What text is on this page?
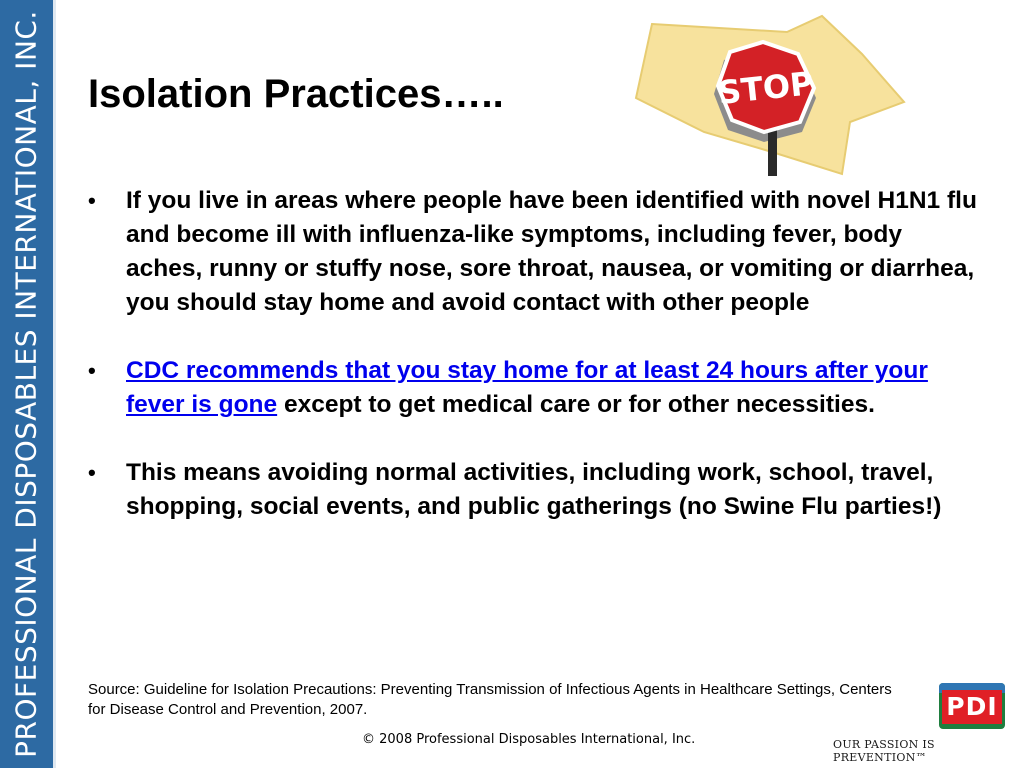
PROFESSIONAL DISPOSABLES INTERNATIONAL, INC. Isolation Practices…..	STOP
• If you live in areas where people have been identified with novel H1N1 flu and become ill with influenza-like symptoms, including fever, body aches, runny or stuffy nose, sore throat, nausea, or vomiting or diarrhea, you should stay home and avoid contact with other people
• CDC recommends that you stay home for at least 24 hours after your fever is gone except to get medical care or for other necessities.
• This means avoiding normal activities, including work, school, travel, shopping, social events, and public gatherings (no Swine Flu parties!)
Source: Guideline for Isolation Precautions: Preventing Transmission of Infectious Agents in Healthcare Settings, Centers for Disease Control and Prevention, 2007.
© 2008 Professional Disposables International, Inc.
PDI
OUR PASSION IS PREVENTION™
